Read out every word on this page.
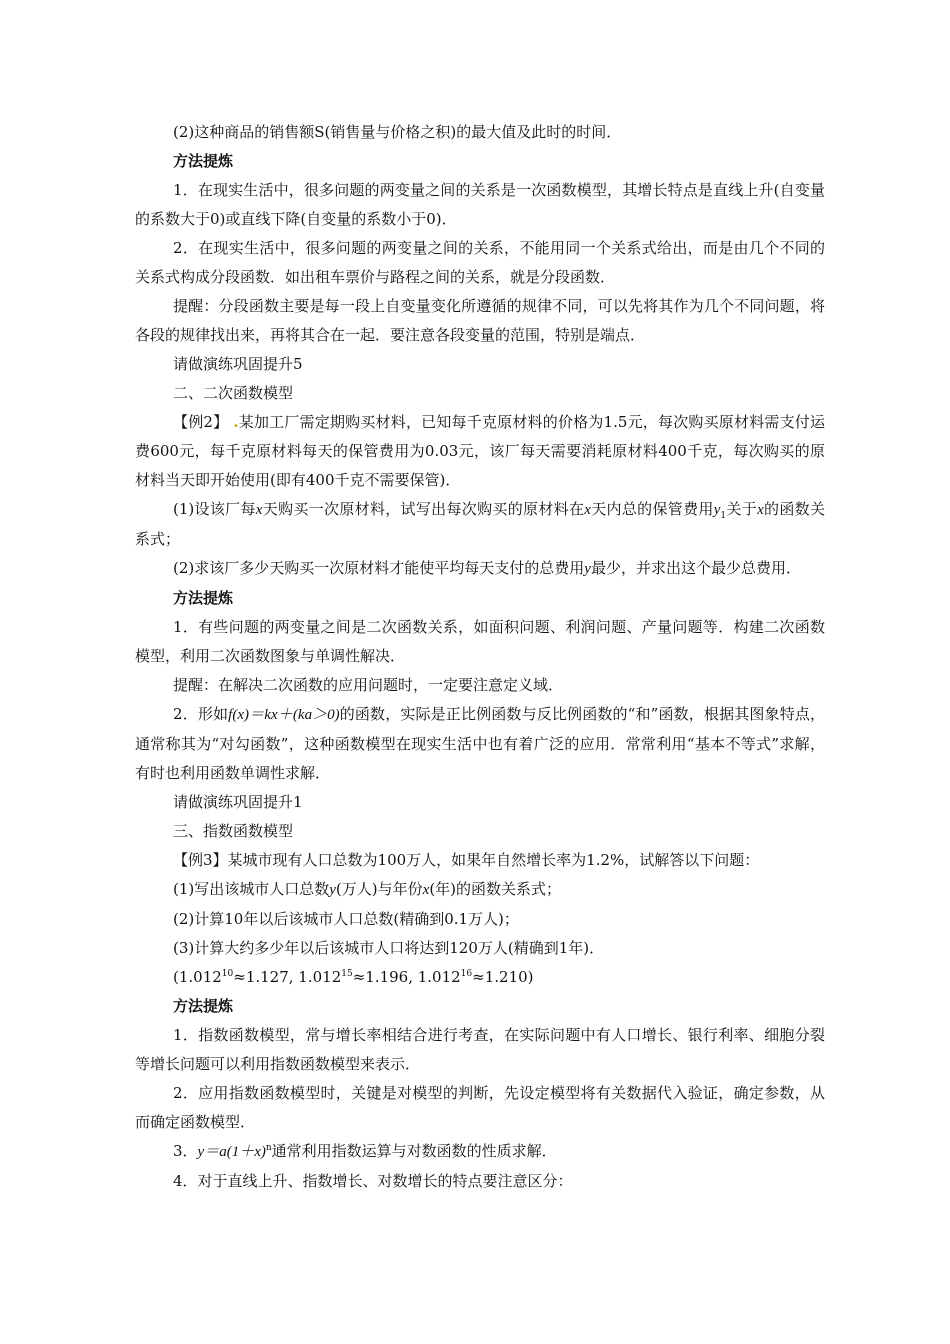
(2)这种商品的销售额S(销售量与价格之积)的最大值及此时的时间．

方法提炼

1．在现实生活中，很多问题的两变量之间的关系是一次函数模型，其增长特点是直线上升(自变量的系数大于0)或直线下降(自变量的系数小于0)．

2．在现实生活中，很多问题的两变量之间的关系，不能用同一个关系式给出，而是由几个不同的关系式构成分段函数．如出租车票价与路程之间的关系，就是分段函数．

提醒：分段函数主要是每一段上自变量变化所遵循的规律不同，可以先将其作为几个不同问题，将各段的规律找出来，再将其合在一起．要注意各段变量的范围，特别是端点．

请做演练巩固提升5

二、二次函数模型

【例2】 .某加工厂需定期购买材料，已知每千克原材料的价格为1.5元，每次购买原材料需支付运费600元，每千克原材料每天的保管费用为0.03元，该厂每天需要消耗原材料400千克，每次购买的原材料当天即开始使用(即有400千克不需要保管)．

(1)设该厂每x天购买一次原材料，试写出每次购买的原材料在x天内总的保管费用$y_1$关于x的函数关系式；

(2)求该厂多少天购买一次原材料才能使平均每天支付的总费用y最少，并求出这个最少总费用．

方法提炼

1．有些问题的两变量之间是二次函数关系，如面积问题、利润问题、产量问题等．构建二次函数模型，利用二次函数图象与单调性解决．

提醒：在解决二次函数的应用问题时，一定要注意定义域．

2．形如f(x)＝kx＋(ka＞0)的函数，实际是正比例函数与反比例函数的“和”函数，根据其图象特点，通常称其为“对勾函数”，这种函数模型在现实生活中也有着广泛的应用．常常利用“基本不等式”求解，有时也利用函数单调性求解．

请做演练巩固提升1

三、指数函数模型

【例3】某城市现有人口总数为100万人，如果年自然增长率为1.2%，试解答以下问题：

(1)写出该城市人口总数y(万人)与年份x(年)的函数关系式；

(2)计算10年以后该城市人口总数(精确到0.1万人)；

(3)计算大约多少年以后该城市人口将达到120万人(精确到1年)．

($1.012^{10}\approx 1.127$, $1.012^{15}\approx 1.196$, $1.012^{16}\approx 1.210$)

方法提炼

1．指数函数模型，常与增长率相结合进行考查，在实际问题中有人口增长、银行利率、细胞分裂等增长问题可以利用指数函数模型来表示．

2．应用指数函数模型时，关键是对模型的判断，先设定模型将有关数据代入验证，确定参数，从而确定函数模型．

3．$y=a(1+x)^n$通常利用指数运算与对数函数的性质求解．

4．对于直线上升、指数增长、对数增长的特点要注意区分：
